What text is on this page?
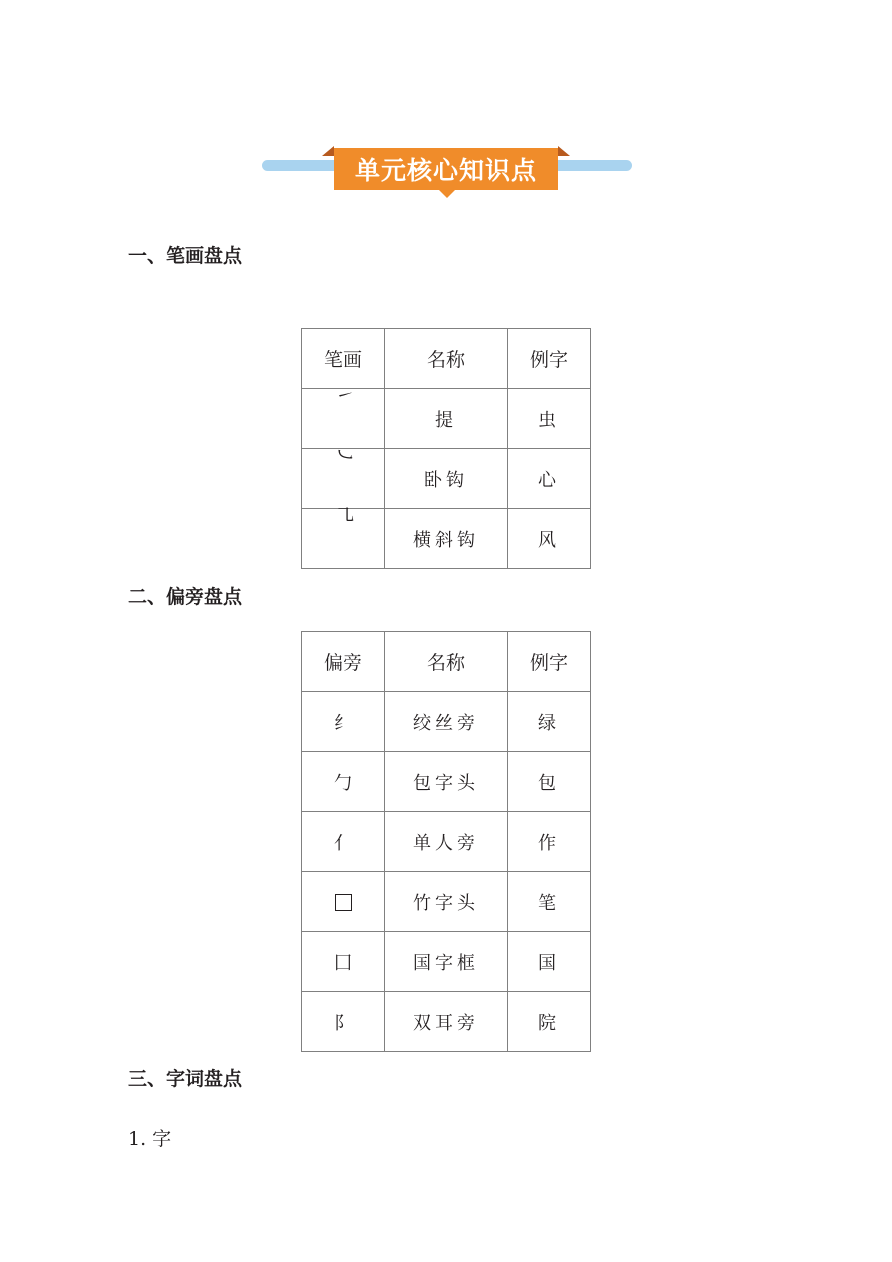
单元核心知识点
一、笔画盘点
笔画	名称	例字

㇀	提	虫

㇃	卧钩	心

㇈	横斜钩	风
二、偏旁盘点
偏旁	名称	例字
纟	绞丝旁	绿
勹	包字头	包
亻	单人旁	作
	竹字头	笔
囗	国字框	国
阝	双耳旁	院
三、字词盘点
1. 字
